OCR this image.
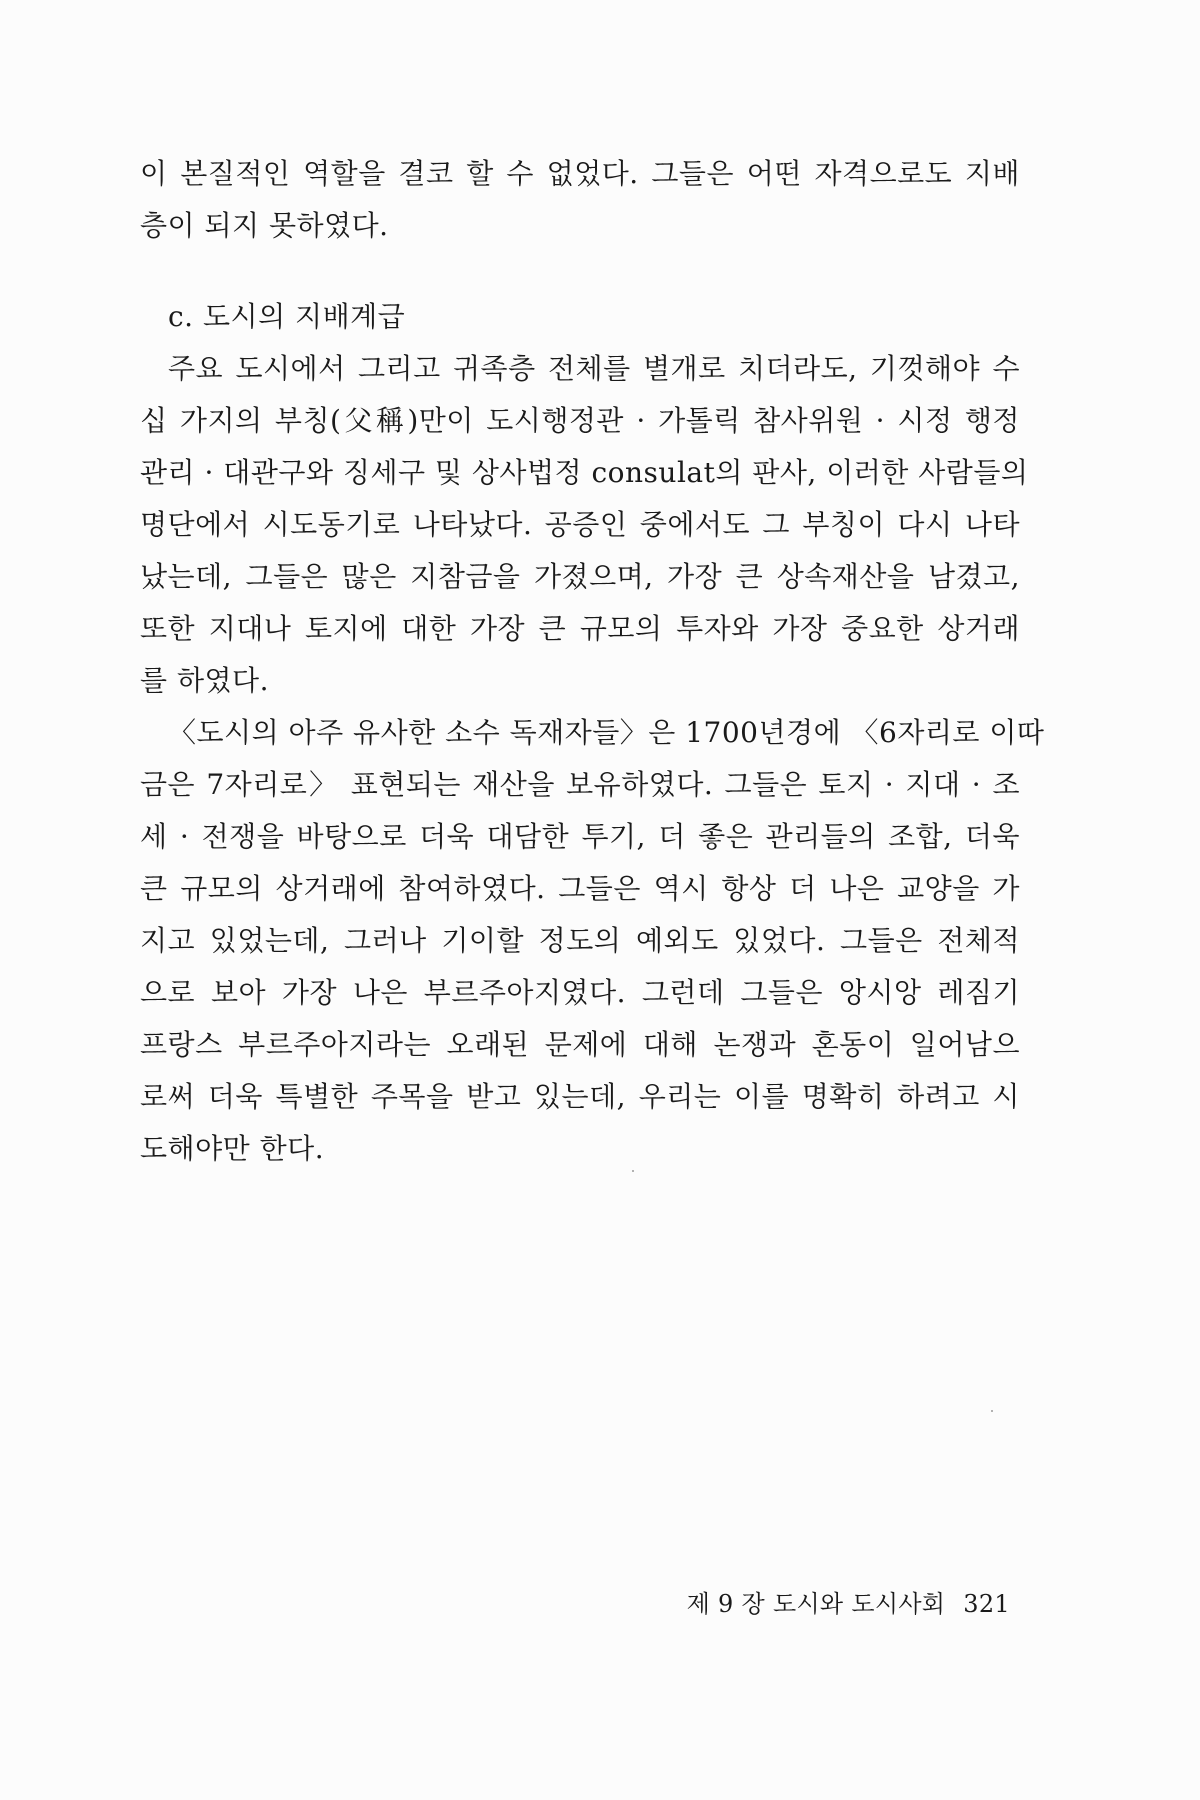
이 본질적인 역할을 결코 할 수 없었다. 그들은 어떤 자격으로도 지배
층이 되지 못하였다.
c. 도시의 지배계급
주요 도시에서 그리고 귀족층 전체를 별개로 치더라도, 기껏해야 수
십 가지의 부칭(父稱)만이 도시행정관 · 가톨릭 참사위원 · 시정 행정
관리 · 대관구와 징세구 및 상사법정 consulat의 판사, 이러한 사람들의
명단에서 시도동기로 나타났다. 공증인 중에서도 그 부칭이 다시 나타
났는데, 그들은 많은 지참금을 가졌으며, 가장 큰 상속재산을 남겼고,
또한 지대나 토지에 대한 가장 큰 규모의 투자와 가장 중요한 상거래
를 하였다.
〈도시의 아주 유사한 소수 독재자들〉은 1700년경에 〈6자리로 이따
금은 7자리로〉 표현되는 재산을 보유하였다. 그들은 토지 · 지대 · 조
세 · 전쟁을 바탕으로 더욱 대담한 투기, 더 좋은 관리들의 조합, 더욱
큰 규모의 상거래에 참여하였다. 그들은 역시 항상 더 나은 교양을 가
지고 있었는데, 그러나 기이할 정도의 예외도 있었다. 그들은 전체적
으로 보아 가장 나은 부르주아지였다. 그런데 그들은 앙시앙 레짐기
프랑스 부르주아지라는 오래된 문제에 대해 논쟁과 혼동이 일어남으
로써 더욱 특별한 주목을 받고 있는데, 우리는 이를 명확히 하려고 시
도해야만 한다.
제 9 장 도시와 도시사회 321
